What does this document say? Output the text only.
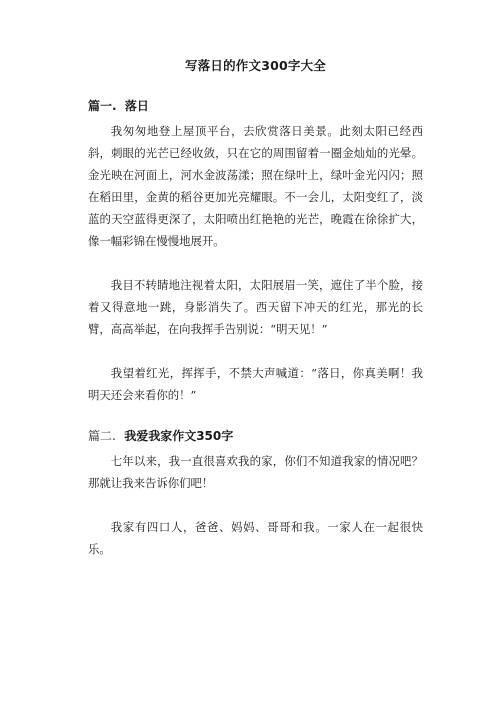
写落日的作文300字大全
篇一. 落日

我匆匆地登上屋顶平台，去欣赏落日美景。此刻太阳已经西斜，刺眼的光芒已经收敛，只在它的周围留着一圈金灿灿的光晕。金光映在河面上，河水金波荡漾；照在绿叶上，绿叶金光闪闪；照在稻田里，金黄的稻谷更加光亮耀眼。不一会儿，太阳变红了，淡蓝的天空蓝得更深了，太阳喷出红艳艳的光芒，晚霞在徐徐扩大，像一幅彩锦在慢慢地展开。

我目不转睛地注视着太阳，太阳展眉一笑，遮住了半个脸，接着又得意地一跳，身影消失了。西天留下冲天的红光，那光的长臂，高高举起，在向我挥手告别说：“明天见！”

我望着红光，挥挥手，不禁大声喊道：“落日，你真美啊！我明天还会来看你的！”

篇二. 我爱我家作文350字

七年以来，我一直很喜欢我的家，你们不知道我家的情况吧？那就让我来告诉你们吧！

我家有四口人，爸爸、妈妈、哥哥和我。一家人在一起很快乐。
